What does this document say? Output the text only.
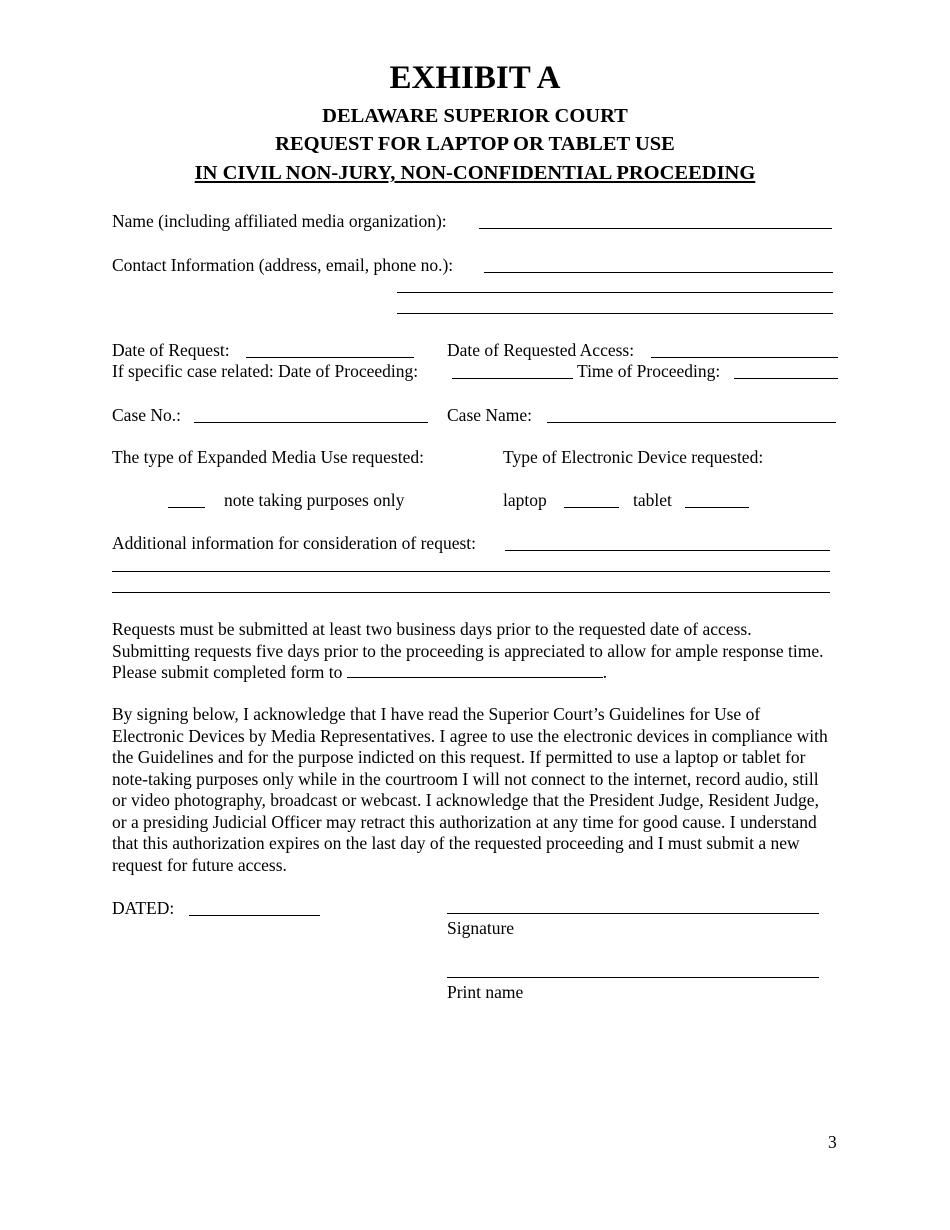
EXHIBIT A
DELAWARE SUPERIOR COURT
REQUEST FOR LAPTOP OR TABLET USE
IN CIVIL NON-JURY, NON-CONFIDENTIAL PROCEEDING
Name (including affiliated media organization):
Contact Information (address, email, phone no.):
Date of Request:	Date of Requested Access:
If specific case related: Date of Proceeding:	Time of Proceeding:
Case No.:	Case Name:
The type of Expanded Media Use requested:	Type of Electronic Device requested:
note taking purposes only	laptop	tablet
Additional information for consideration of request:
Requests must be submitted at least two business days prior to the requested date of access. Submitting requests five days prior to the proceeding is appreciated to allow for ample response time. Please submit completed form to	.
By signing below, I acknowledge that I have read the Superior Court’s Guidelines for Use of Electronic Devices by Media Representatives. I agree to use the electronic devices in compliance with the Guidelines and for the purpose indicted on this request. If permitted to use a laptop or tablet for note-taking purposes only while in the courtroom I will not connect to the internet, record audio, still or video photography, broadcast or webcast. I acknowledge that the President Judge, Resident Judge, or a presiding Judicial Officer may retract this authorization at any time for good cause. I understand that this authorization expires on the last day of the requested proceeding and I must submit a new request for future access.
DATED:
Signature
Print name
3
